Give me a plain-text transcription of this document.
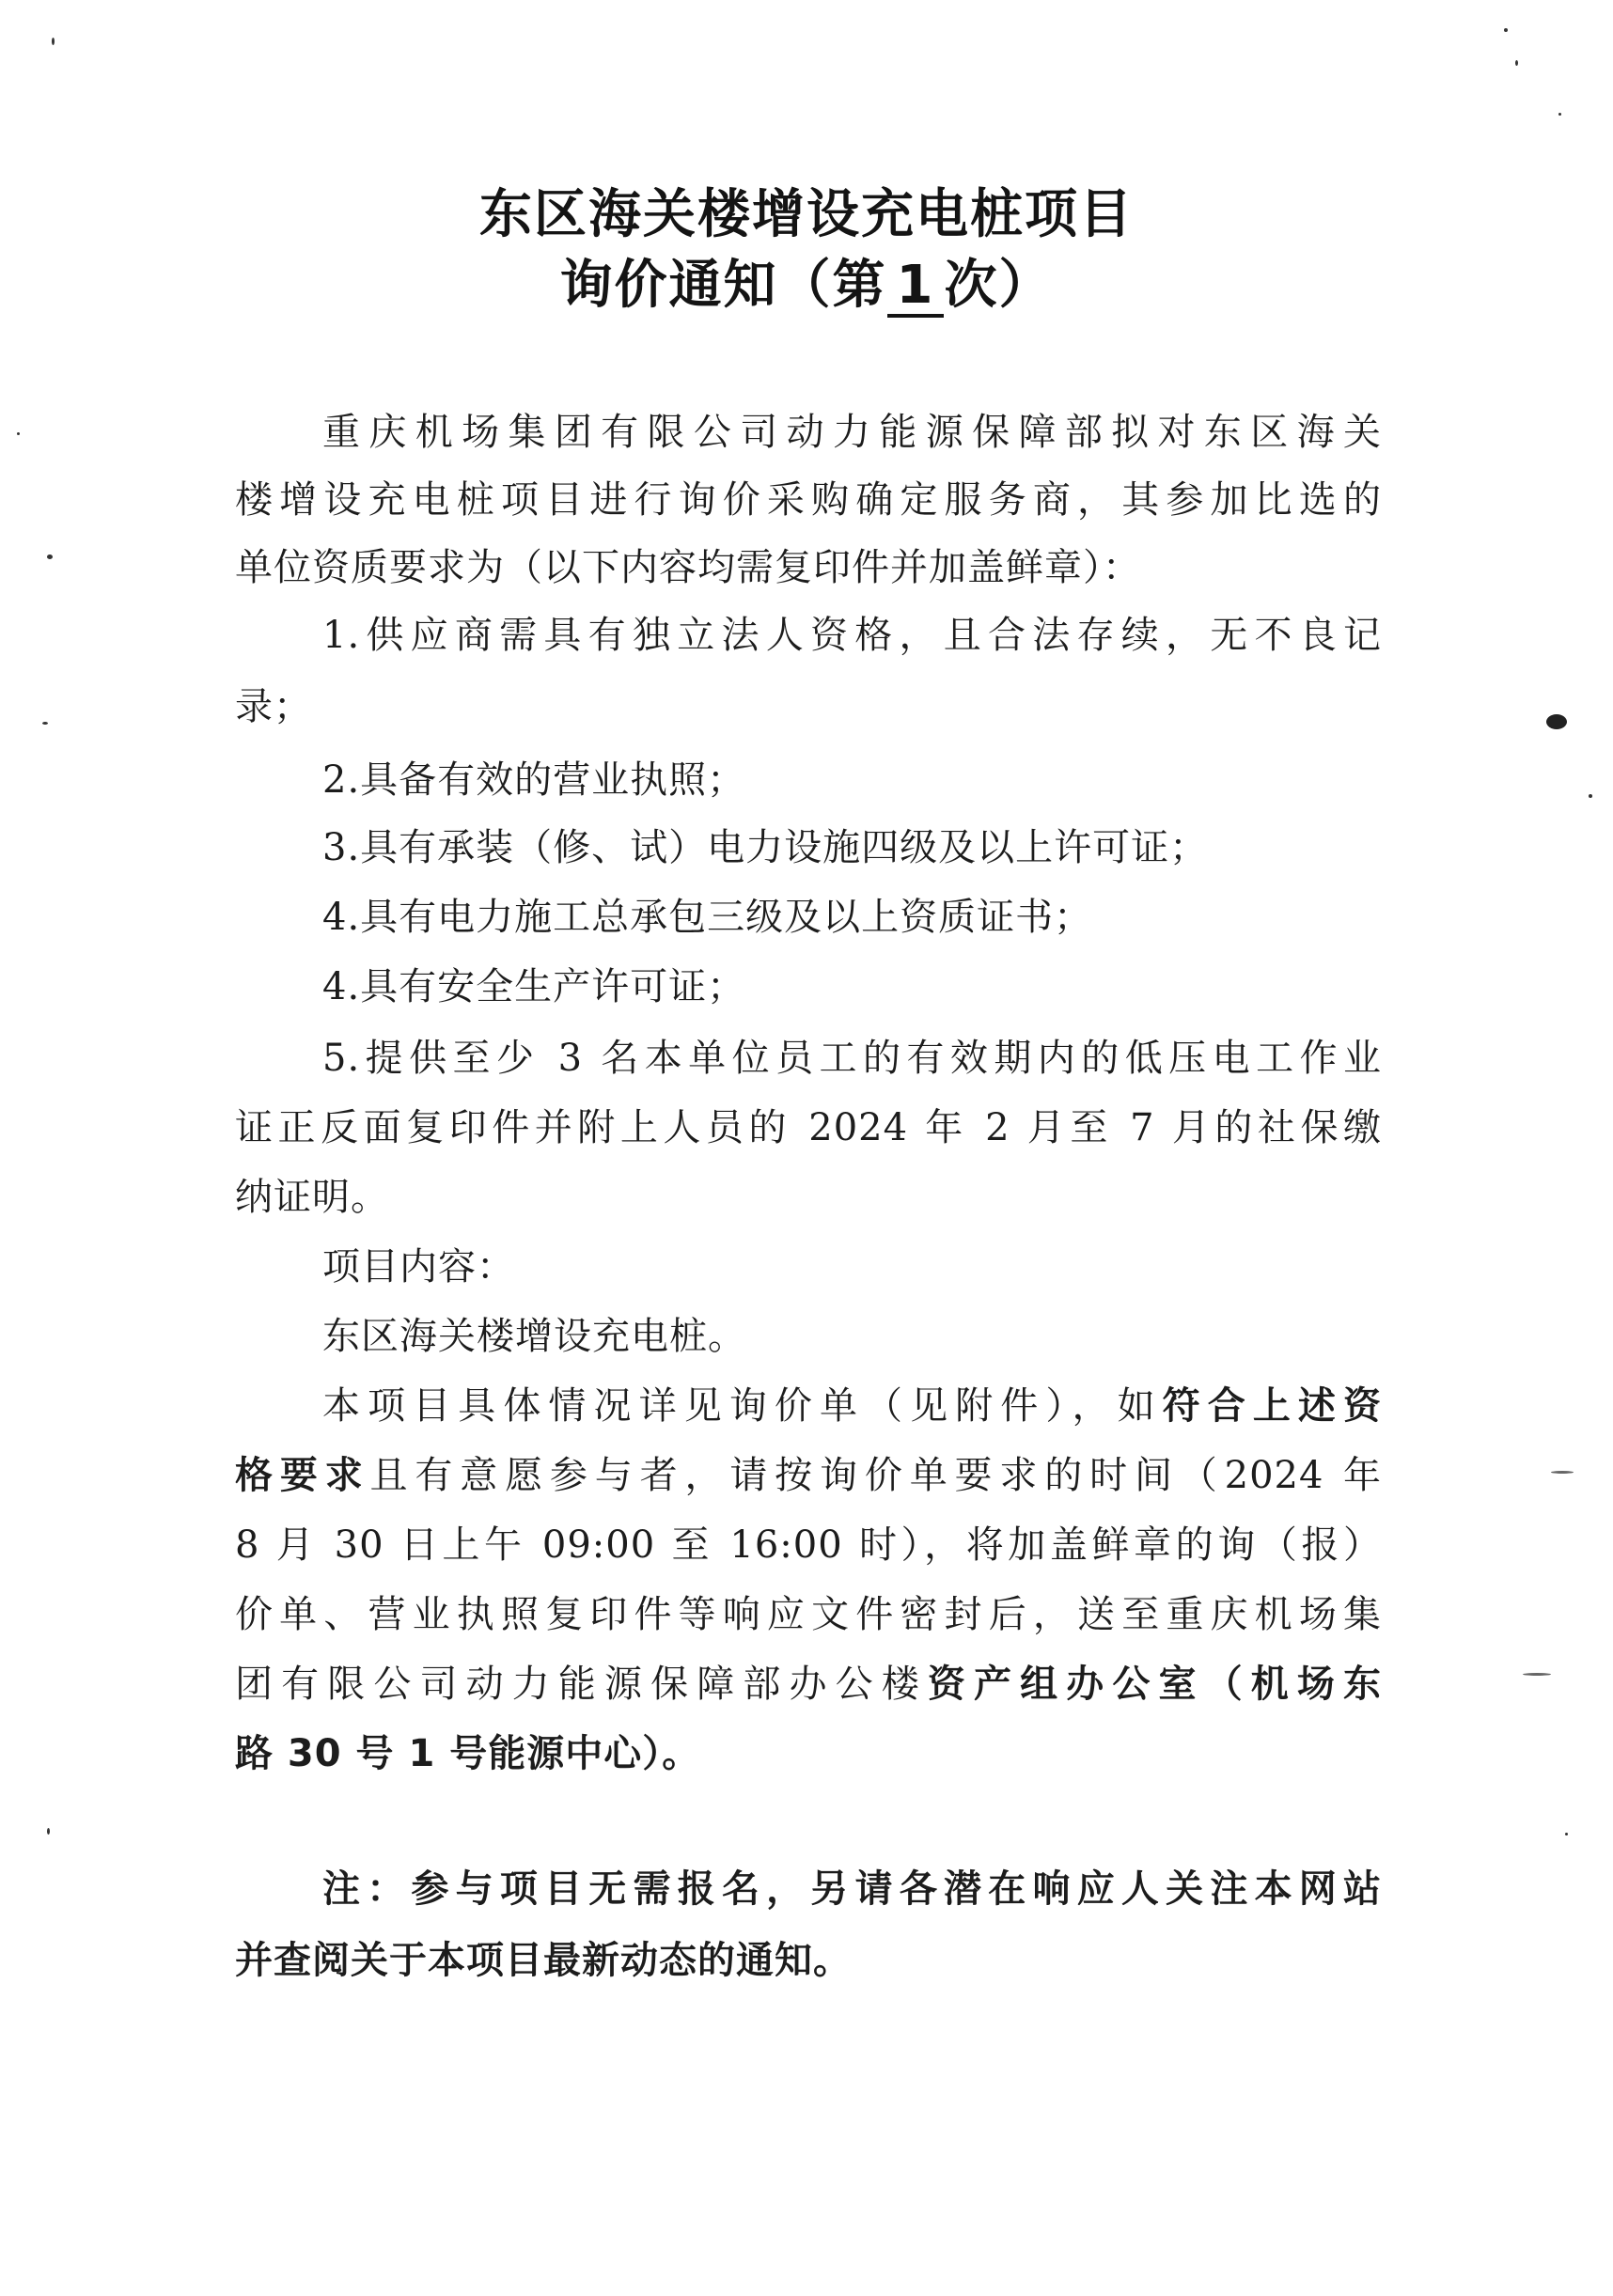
东区海关楼增设充电桩项目
询价通知（第 1 次）
重庆机场集团有限公司动力能源保障部拟对东区海关
楼增设充电桩项目进行询价采购确定服务商，其参加比选的
单位资质要求为（以下内容均需复印件并加盖鲜章）：
1.供应商需具有独立法人资格，且合法存续，无不良记
录；
2.具备有效的营业执照；
3.具有承装（修、试）电力设施四级及以上许可证；
4.具有电力施工总承包三级及以上资质证书；
4.具有安全生产许可证；
5.提供至少 3 名本单位员工的有效期内的低压电工作业
证正反面复印件并附上人员的 2024 年 2 月至 7 月的社保缴
纳证明。
项目内容：
东区海关楼增设充电桩。
本项目具体情况详见询价单（见附件），如符合上述资
格要求且有意愿参与者，请按询价单要求的时间（2024 年
8 月 30 日上午 09:00 至 16:00 时），将加盖鲜章的询（报）
价单、营业执照复印件等响应文件密封后，送至重庆机场集
团有限公司动力能源保障部办公楼资产组办公室（机场东
路 30 号 1 号能源中心）。
注：参与项目无需报名，另请各潜在响应人关注本网站
并查阅关于本项目最新动态的通知。
